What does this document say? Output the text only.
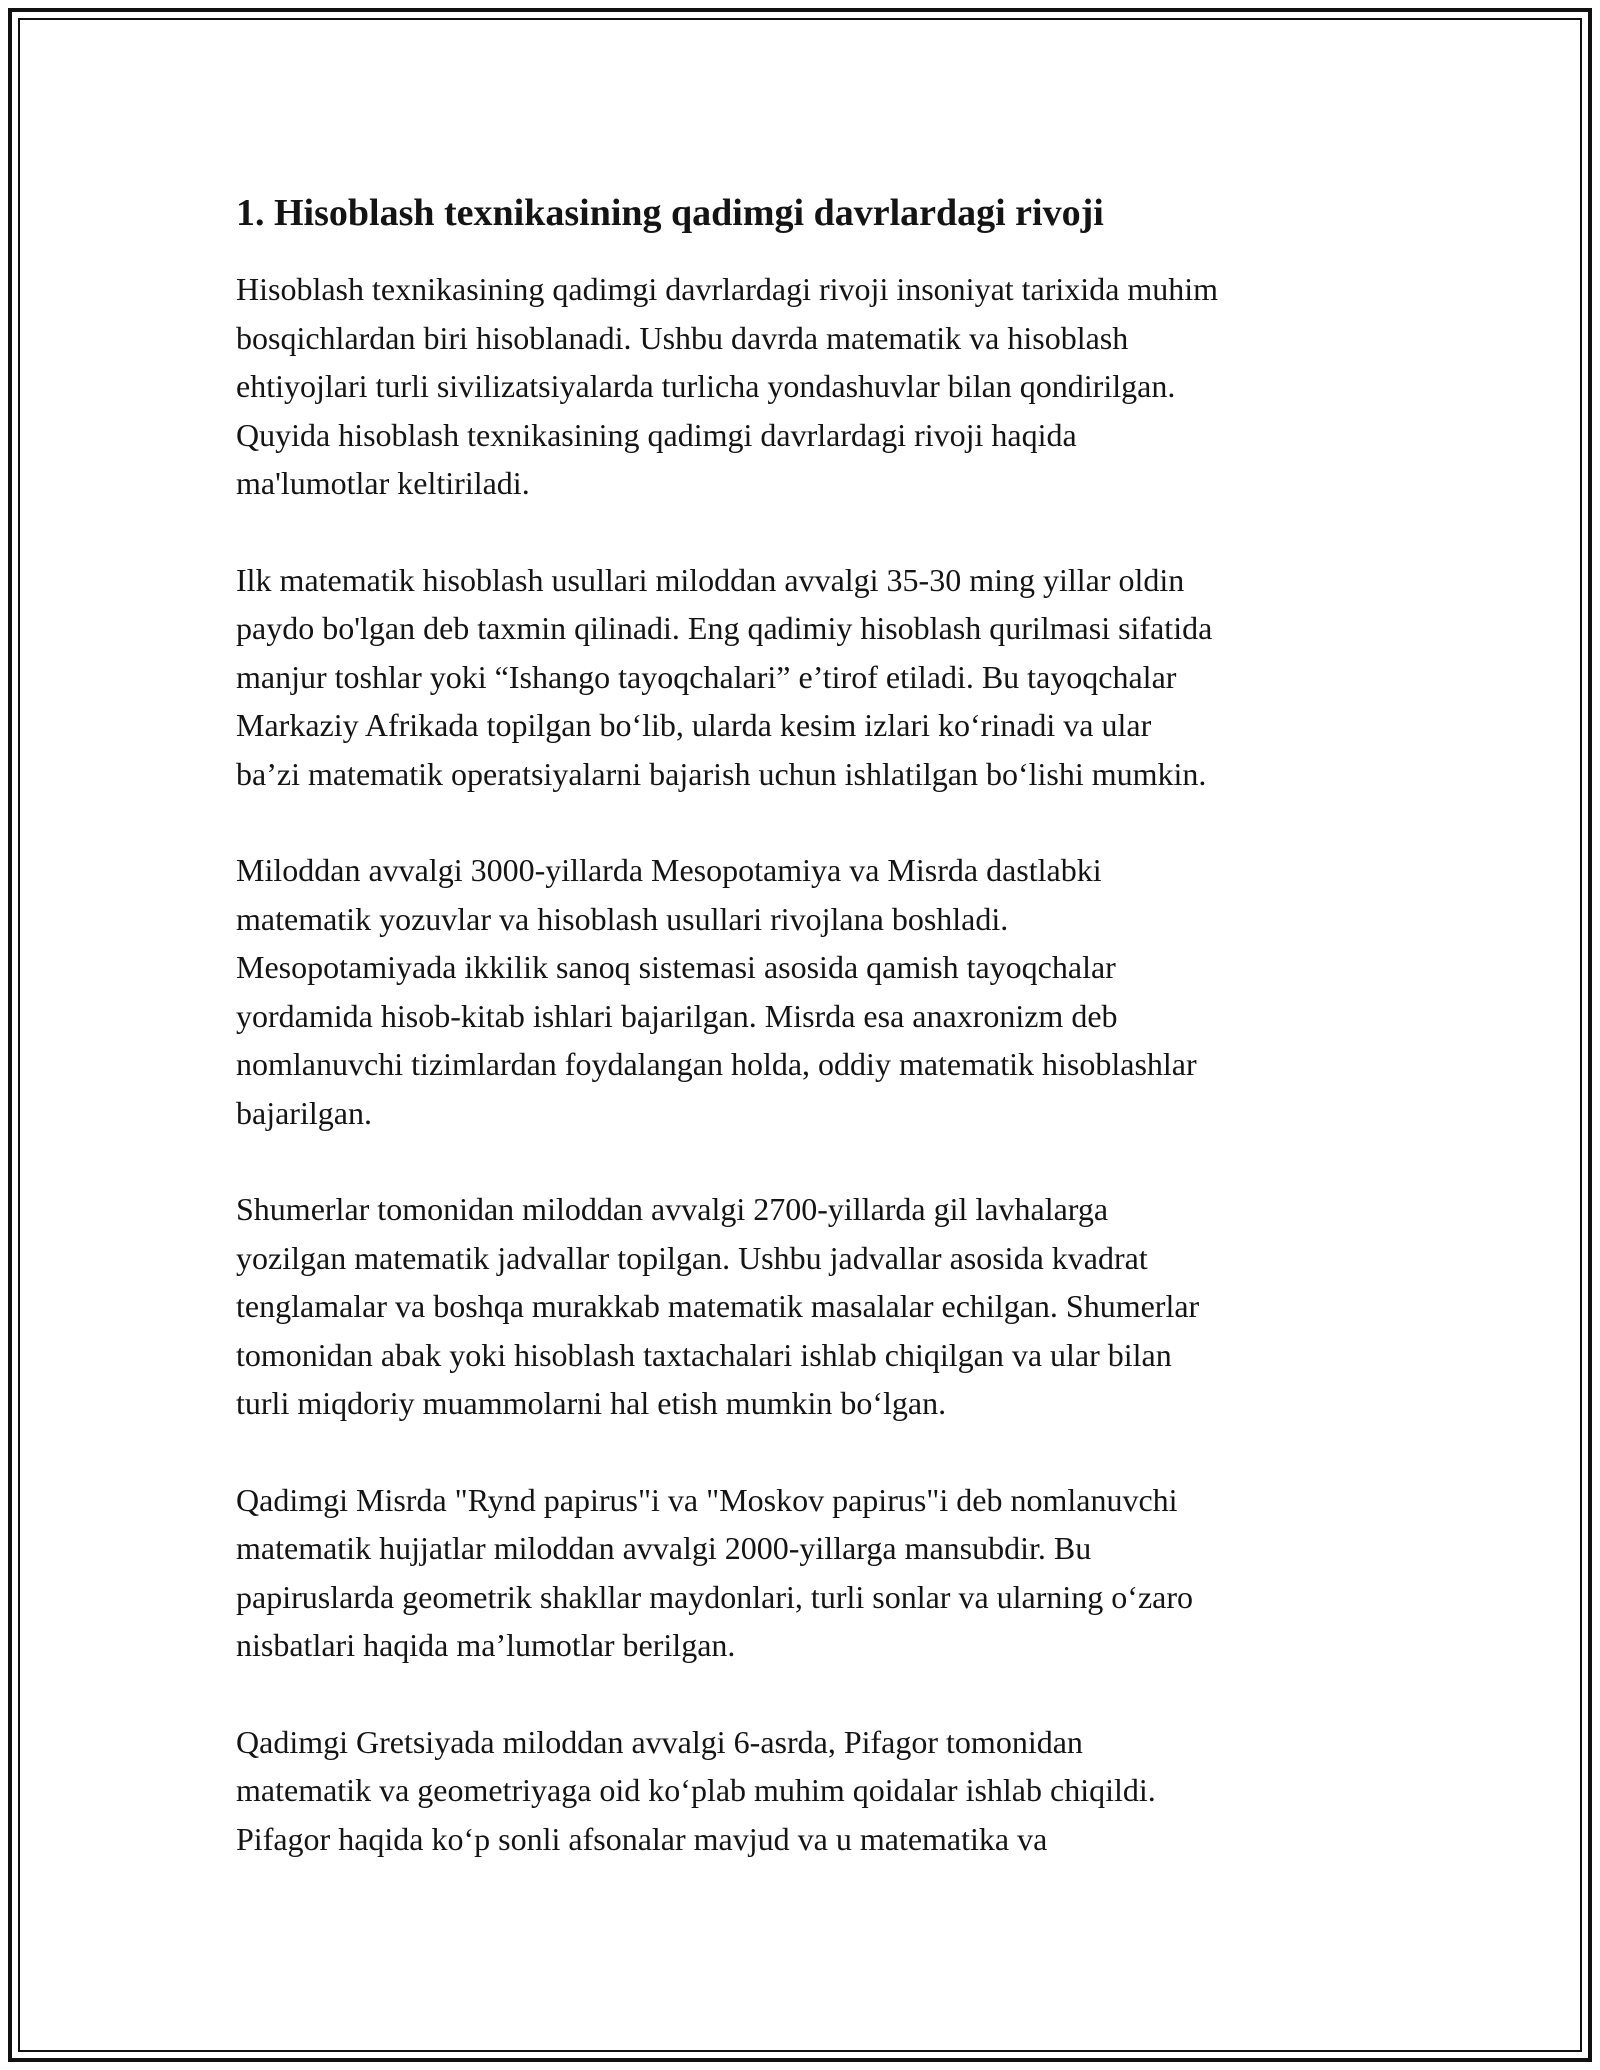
1. Hisoblash texnikasining qadimgi davrlardagi rivoji

Hisoblash texnikasining qadimgi davrlardagi rivoji insoniyat tarixida muhim
bosqichlardan biri hisoblanadi. Ushbu davrda matematik va hisoblash
ehtiyojlari turli sivilizatsiyalarda turlicha yondashuvlar bilan qondirilgan.
Quyida hisoblash texnikasining qadimgi davrlardagi rivoji haqida
ma'lumotlar keltiriladi.

Ilk matematik hisoblash usullari miloddan avvalgi 35-30 ming yillar oldin
paydo bo'lgan deb taxmin qilinadi. Eng qadimiy hisoblash qurilmasi sifatida
manjur toshlar yoki “Ishango tayoqchalari” e’tirof etiladi. Bu tayoqchalar
Markaziy Afrikada topilgan boʻlib, ularda kesim izlari koʻrinadi va ular
baʼzi matematik operatsiyalarni bajarish uchun ishlatilgan boʻlishi mumkin.

Miloddan avvalgi 3000-yillarda Mesopotamiya va Misrda dastlabki
matematik yozuvlar va hisoblash usullari rivojlana boshladi.
Mesopotamiyada ikkilik sanoq sistemasi asosida qamish tayoqchalar
yordamida hisob-kitab ishlari bajarilgan. Misrda esa anaxronizm deb
nomlanuvchi tizimlardan foydalangan holda, oddiy matematik hisoblashlar
bajarilgan.

Shumerlar tomonidan miloddan avvalgi 2700-yillarda gil lavhalarga
yozilgan matematik jadvallar topilgan. Ushbu jadvallar asosida kvadrat
tenglamalar va boshqa murakkab matematik masalalar echilgan. Shumerlar
tomonidan abak yoki hisoblash taxtachalari ishlab chiqilgan va ular bilan
turli miqdoriy muammolarni hal etish mumkin boʻlgan.

Qadimgi Misrda "Rynd papirus"i va "Moskov papirus"i deb nomlanuvchi
matematik hujjatlar miloddan avvalgi 2000-yillarga mansubdir. Bu
papiruslarda geometrik shakllar maydonlari, turli sonlar va ularning oʻzaro
nisbatlari haqida maʼlumotlar berilgan.

Qadimgi Gretsiyada miloddan avvalgi 6-asrda, Pifagor tomonidan
matematik va geometriyaga oid koʻplab muhim qoidalar ishlab chiqildi.
Pifagor haqida koʻp sonli afsonalar mavjud va u matematika va
